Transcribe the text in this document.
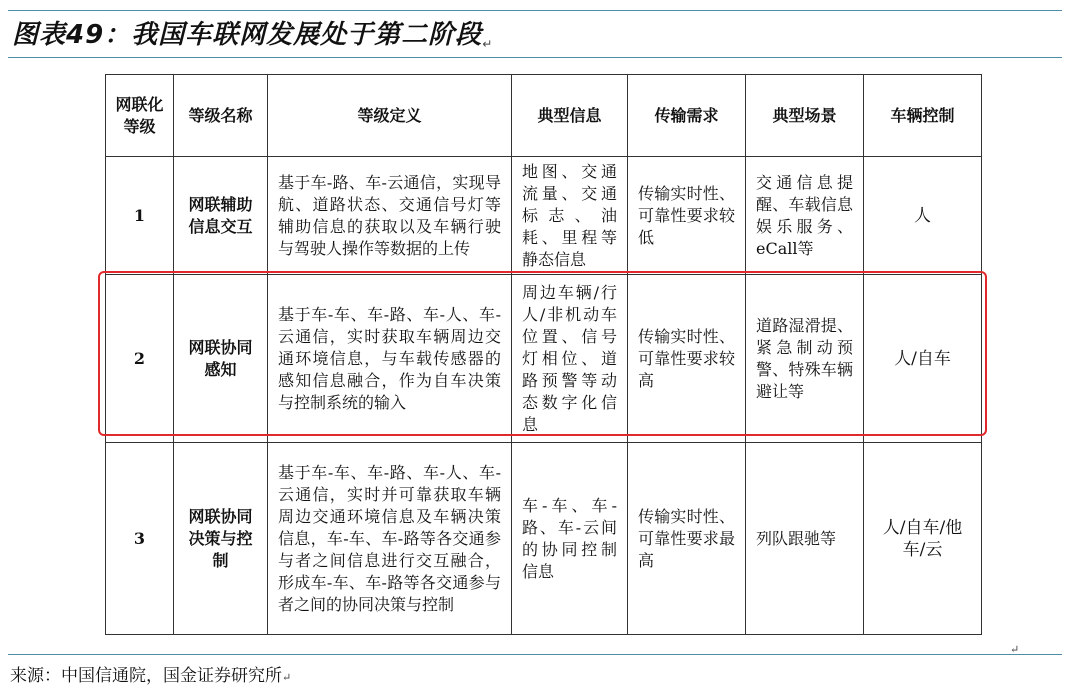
图表49：我国车联网发展处于第二阶段↵
网联化等级	等级名称	等级定义	典型信息	传输需求	典型场景	车辆控制
1	网联辅助信息交互	基于车-路、车-云通信，实现导航、道路状态、交通信号灯等辅助信息的获取以及车辆行驶与驾驶人操作等数据的上传	地图、交通流量、交通标志、油耗、里程等静态信息	传输实时性、可靠性要求较低	交通信息提醒、车载信息娱乐服务、eCall等	人
2	网联协同感知	基于车-车、车-路、车-人、车-云通信，实时获取车辆周边交通环境信息，与车载传感器的感知信息融合，作为自车决策与控制系统的输入	周边车辆/行人/非机动车位置、信号灯相位、道路预警等动态数字化信息	传输实时性、可靠性要求较高	道路湿滑提、紧急制动预警、特殊车辆避让等	人/自车
3	网联协同决策与控制	基于车-车、车-路、车-人、车-云通信，实时并可靠获取车辆周边交通环境信息及车辆决策信息，车-车、车-路等各交通参与者之间信息进行交互融合，形成车-车、车-路等各交通参与者之间的协同决策与控制	车-车、车-路、车-云间的协同控制信息	传输实时性、可靠性要求最高	列队跟驰等	人/自车/他车/云
↵
来源：中国信通院，国金证券研究所↵
